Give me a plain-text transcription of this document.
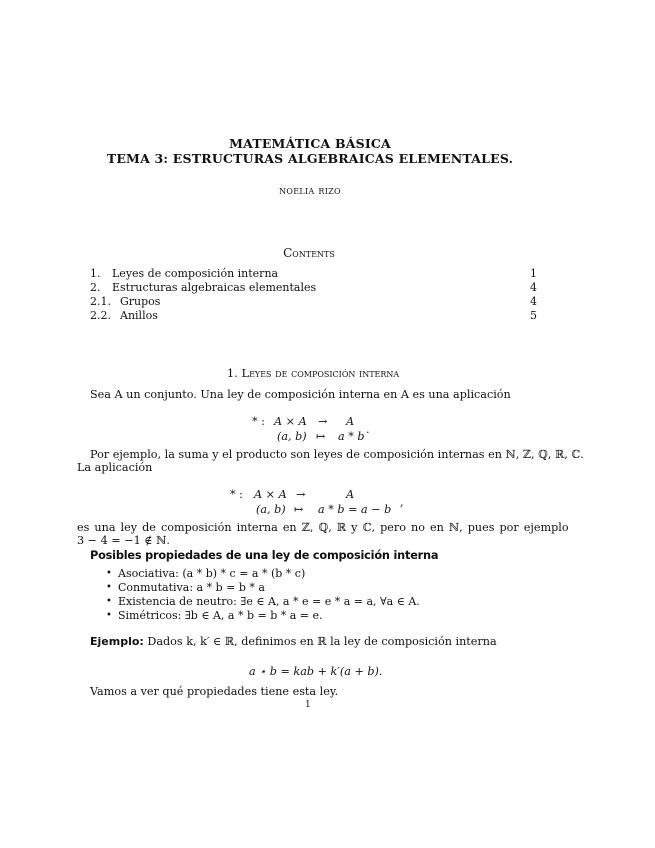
MATEMÁTICA BÁSICA
TEMA 3: ESTRUCTURAS ALGEBRAICAS ELEMENTALES.
noelia rizo
Contents
1. Leyes de composición interna	1
2. Estructuras algebraicas elementales	4
2.1. Grupos	4
2.2. Anillos	5
1. Leyes de composición interna
Sea A un conjunto. Una ley de composición interna en A es una aplicación
* : A × A → A
(a, b) ↦ a * b
.
Por ejemplo, la suma y el producto son leyes de composición internas en ℕ, ℤ, ℚ, ℝ, ℂ.
La aplicación
* : A × A →	A
(a, b) ↦ a * b = a − b
,
es una ley de composición interna en ℤ, ℚ, ℝ y ℂ, pero no en ℕ, pues por ejemplo
3 − 4 = −1 ∉ ℕ.
Posibles propiedades de una ley de composición interna
• Asociativa: (a * b) * c = a * (b * c)
• Conmutativa: a * b = b * a
• Existencia de neutro: ∃e ∈ A, a * e = e * a = a, ∀a ∈ A.
• Simétricos: ∃b ∈ A, a * b = b * a = e.
Ejemplo: Dados k, k′ ∈ ℝ, definimos en ℝ la ley de composición interna
a ⋆ b = kab + k′(a + b).
Vamos a ver qué propiedades tiene esta ley.
1
